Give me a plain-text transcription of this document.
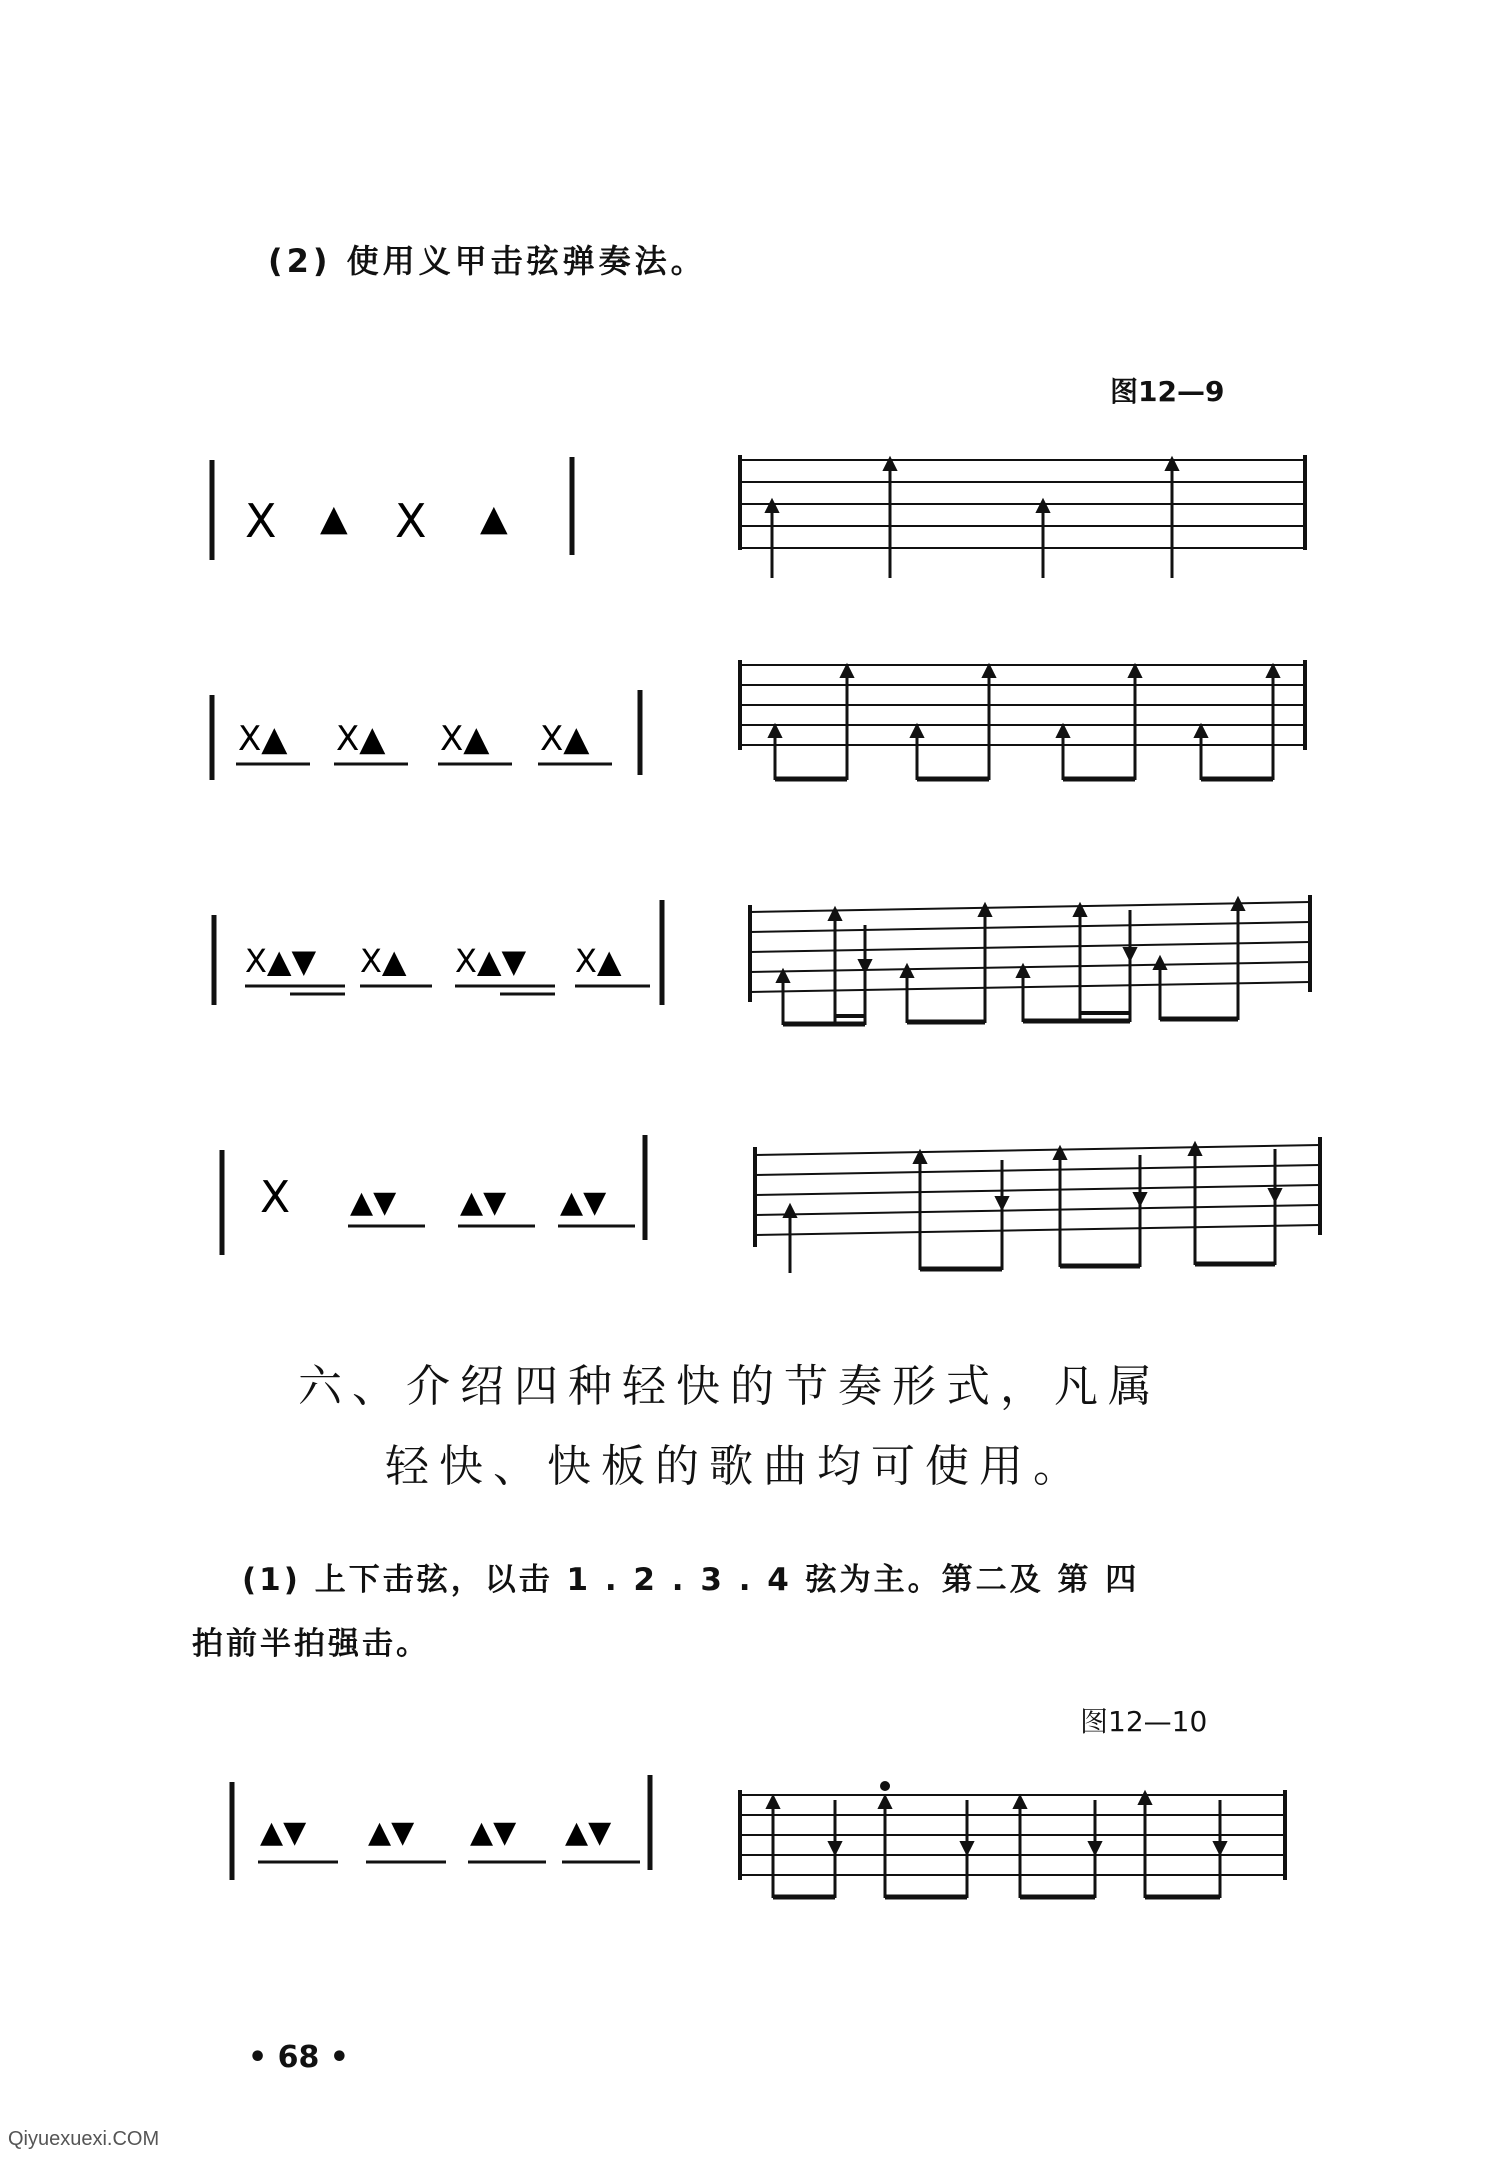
(2) 使用义甲击弦弹奏法。
图12—9
X ▲ X ▲
X▲ X▲ X▲ X▲
X▲▼ X▲ X▲▼ X▲
X ▲▼ ▲▼ ▲▼
六、介绍四种轻快的节奏形式，凡属
轻快、快板的歌曲均可使用。
(1) 上下击弦，以击 1 . 2 . 3 . 4 弦为主。第二及 第 四
拍前半拍强击。
图12—10
▲▼ ▲▼ ▲▼ ▲▼
• 68 •
Qiyuexuexi.COM
